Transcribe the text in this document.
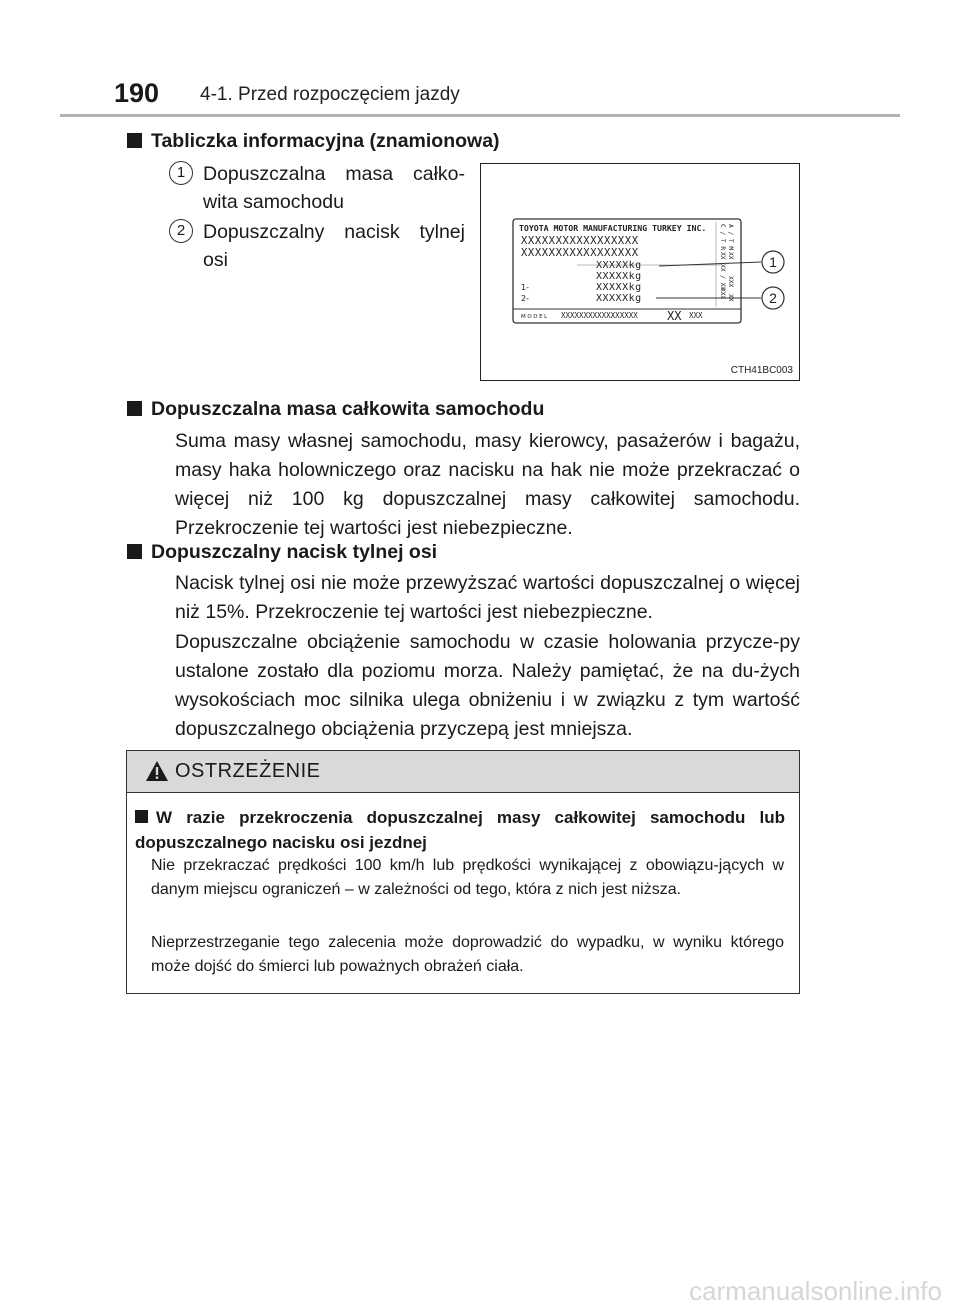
190 4-1. Przed rozpoczęciem jazdy
Tabliczka informacyjna (znamionowa)
1 Dopuszczalna masa całko-wita samochodu
2 Dopuszczalny nacisk tylnej osi
TOYOTA MOTOR MANUFACTURING TURKEY INC.
XXXXXXXXXXXXXXXXX
XXXXXXXXXXXXXXXXX
XXXXXkg
XXXXXkg
XXXXXkg
XXXXXkg
1-
2-
MODEL XXXXXXXXXXXXXXXXX XX XXX
C / T R A / T M
XX XX
XX / XX XXX
XXX XX
1
2
CTH41BC003
Dopuszczalna masa całkowita samochodu
Suma masy własnej samochodu, masy kierowcy, pasażerów i bagażu, masy haka holowniczego oraz nacisku na hak nie może przekraczać o więcej niż 100 kg dopuszczalnej masy całkowitej samochodu. Przekroczenie tej wartości jest niebezpieczne.
Dopuszczalny nacisk tylnej osi
Nacisk tylnej osi nie może przewyższać wartości dopuszczalnej o więcej niż 15%. Przekroczenie tej wartości jest niebezpieczne.
Dopuszczalne obciążenie samochodu w czasie holowania przycze-py ustalone zostało dla poziomu morza. Należy pamiętać, że na du-żych wysokościach moc silnika ulega obniżeniu i w związku z tym wartość dopuszczalnego obciążenia przyczepą jest mniejsza.
OSTRZEŻENIE
W razie przekroczenia dopuszczalnej masy całkowitej samochodu lub dopuszczalnego nacisku osi jezdnej
Nie przekraczać prędkości 100 km/h lub prędkości wynikającej z obowiązu-jących w danym miejscu ograniczeń – w zależności od tego, która z nich jest niższa.
Nieprzestrzeganie tego zalecenia może doprowadzić do wypadku, w wyniku którego może dojść do śmierci lub poważnych obrażeń ciała.
carmanualsonline.info
